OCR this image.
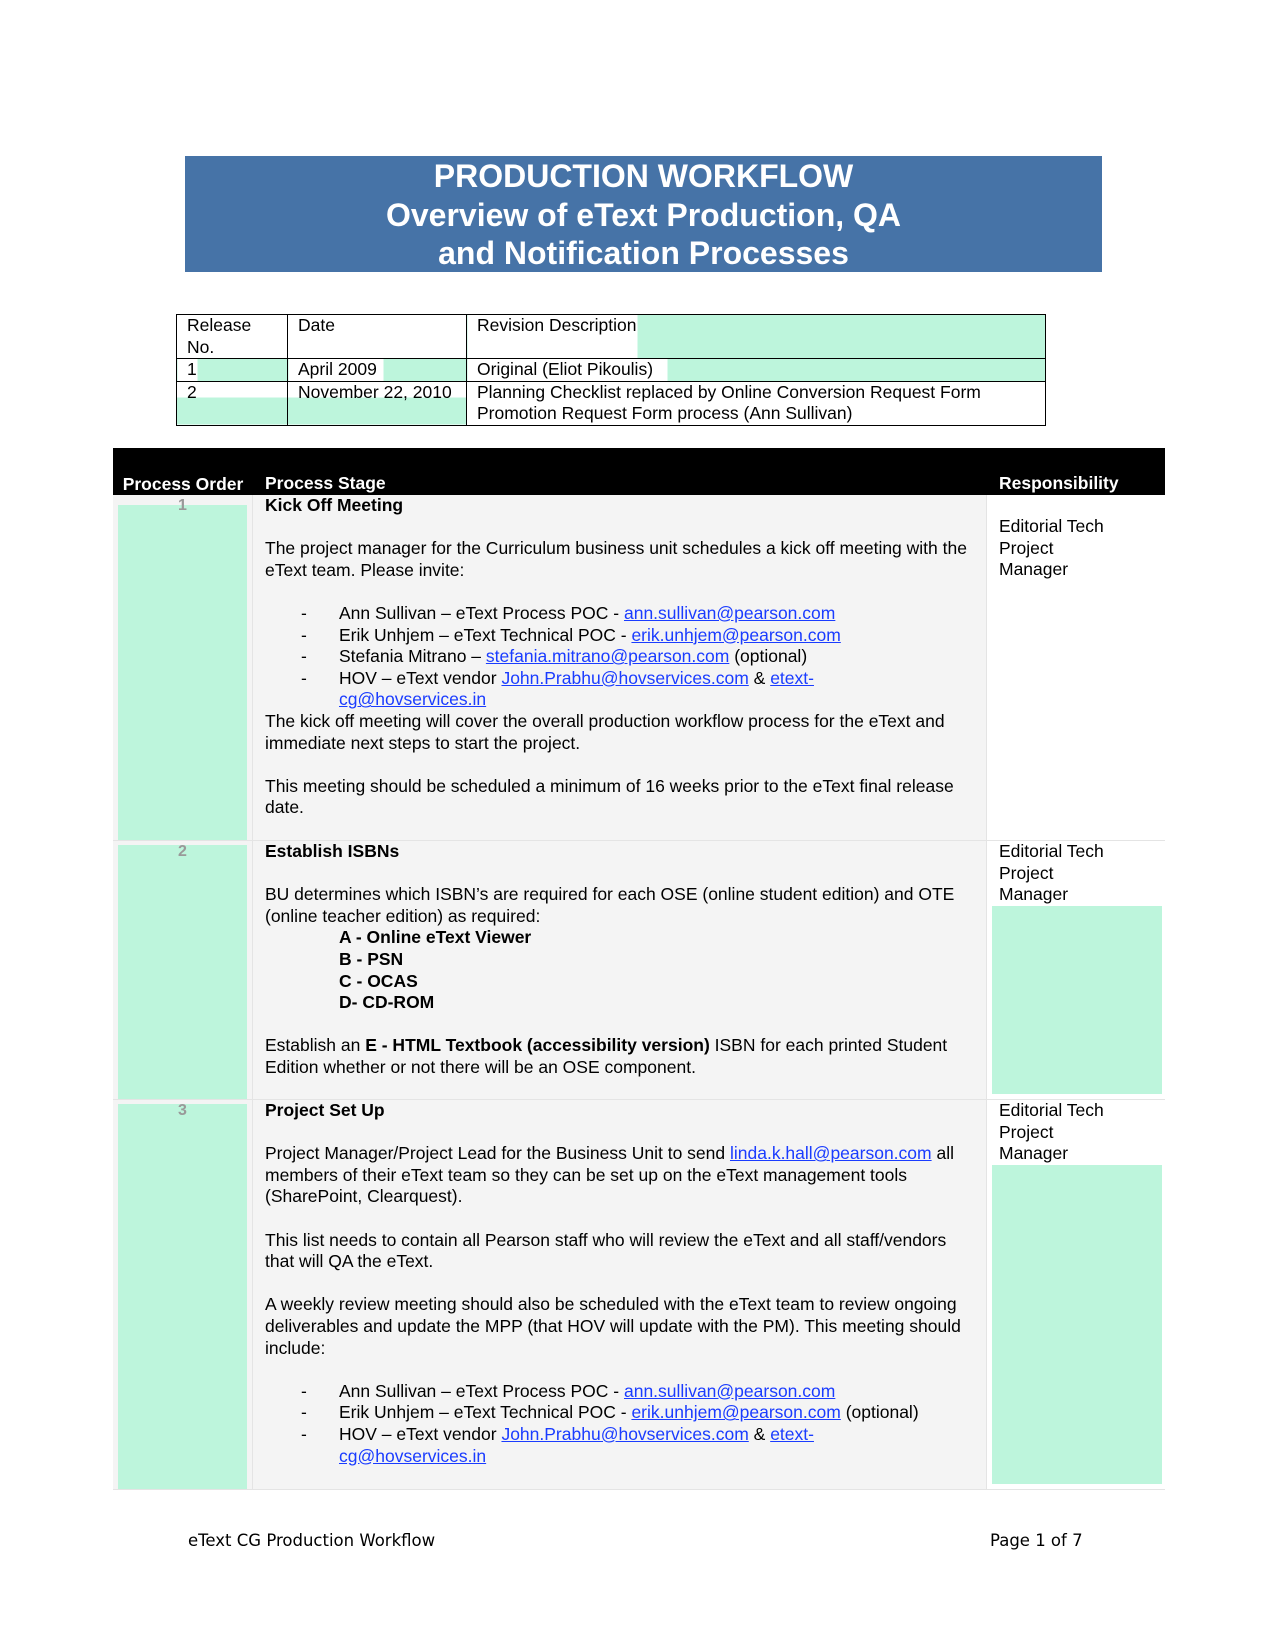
PRODUCTION WORKFLOW
Overview of eText Production, QA
and Notification Processes
Release No.	Date	Revision Description
1	April 2009	Original (Eliot Pikoulis)
2	November 22, 2010	Planning Checklist replaced by Online Conversion Request Form
Promotion Request Form process (Ann Sullivan)
Process Order	Process Stage	Responsibility
1	Kick Off Meeting

The project manager for the Curriculum business unit schedules a kick off meeting with the eText team. Please invite:

- Ann Sullivan – eText Process POC - ann.sullivan@pearson.com
- Erik Unhjem – eText Technical POC - erik.unhjem@pearson.com
- Stefania Mitrano – stefania.mitrano@pearson.com (optional)
- HOV – eText vendor John.Prabhu@hovservices.com & etext-cg@hovservices.in

The kick off meeting will cover the overall production workflow process for the eText and immediate next steps to start the project.

This meeting should be scheduled a minimum of 16 weeks prior to the eText final release date.

Editorial Tech Project Manager
2	Establish ISBNs

BU determines which ISBN’s are required for each OSE (online student edition) and OTE (online teacher edition) as required:

A - Online eText Viewer
B - PSN
C - OCAS
D- CD-ROM

Establish an E - HTML Textbook (accessibility version) ISBN for each printed Student Edition whether or not there will be an OSE component.

Editorial Tech Project Manager
3	Project Set Up

Project Manager/Project Lead for the Business Unit to send linda.k.hall@pearson.com all members of their eText team so they can be set up on the eText management tools (SharePoint, Clearquest).

This list needs to contain all Pearson staff who will review the eText and all staff/vendors that will QA the eText.

A weekly review meeting should also be scheduled with the eText team to review ongoing deliverables and update the MPP (that HOV will update with the PM). This meeting should include:

- Ann Sullivan – eText Process POC - ann.sullivan@pearson.com
- Erik Unhjem – eText Technical POC - erik.unhjem@pearson.com (optional)
- HOV – eText vendor John.Prabhu@hovservices.com & etext-cg@hovservices.in
Editorial Tech Project Manager
eText CG Production Workflow	Page 1 of 7
